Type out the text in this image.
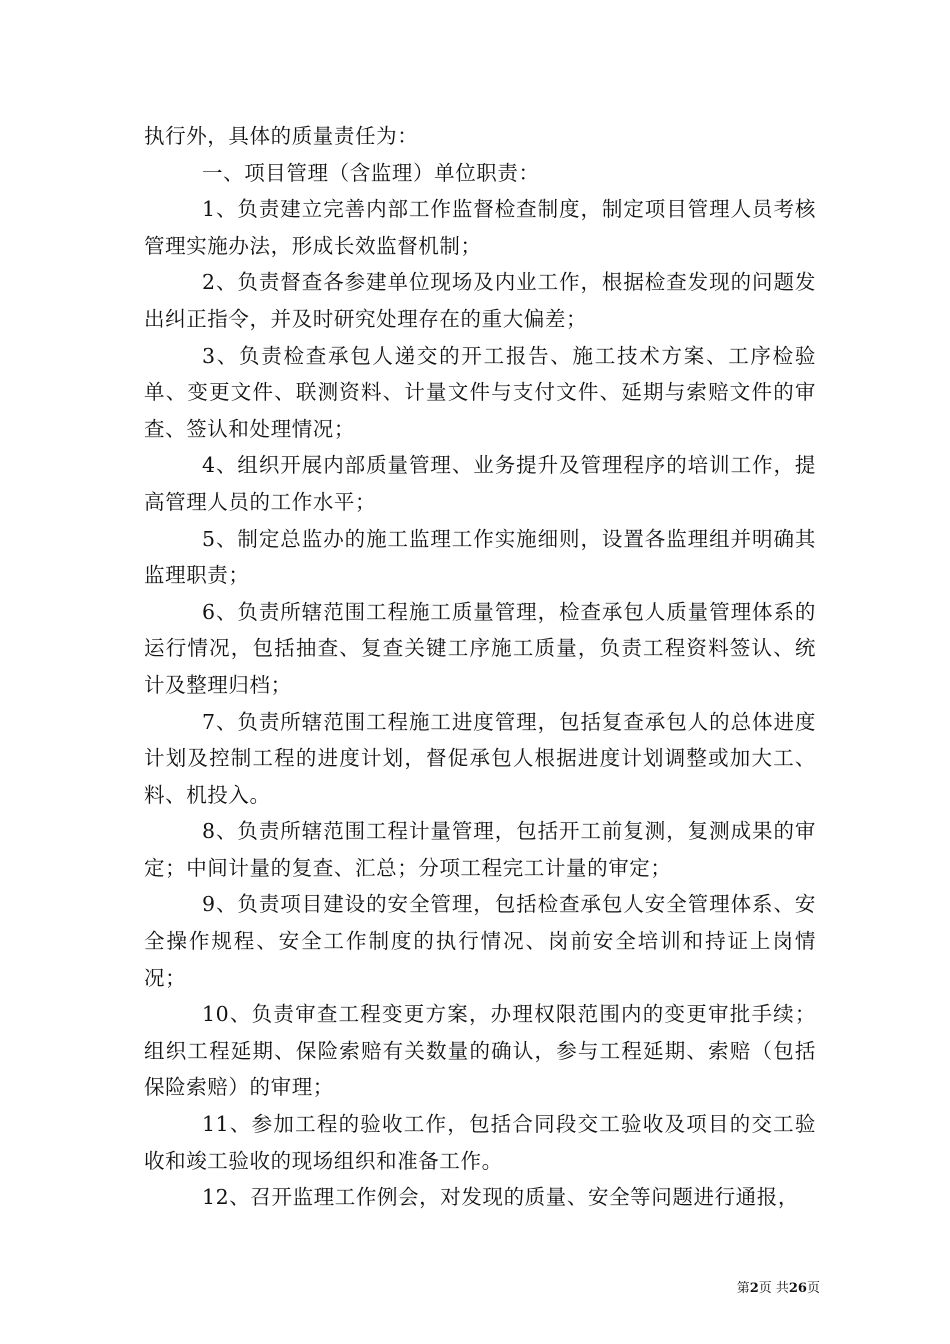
执行外，具体的质量责任为：

一、项目管理（含监理）单位职责：

1、负责建立完善内部工作监督检查制度，制定项目管理人员考核管理实施办法，形成长效监督机制；

2、负责督查各参建单位现场及内业工作，根据检查发现的问题发出纠正指令，并及时研究处理存在的重大偏差；

3、负责检查承包人递交的开工报告、施工技术方案、工序检验单、变更文件、联测资料、计量文件与支付文件、延期与索赔文件的审查、签认和处理情况；

4、组织开展内部质量管理、业务提升及管理程序的培训工作，提高管理人员的工作水平；

5、制定总监办的施工监理工作实施细则，设置各监理组并明确其监理职责；

6、负责所辖范围工程施工质量管理，检查承包人质量管理体系的运行情况，包括抽查、复查关键工序施工质量，负责工程资料签认、统计及整理归档；

7、负责所辖范围工程施工进度管理，包括复查承包人的总体进度计划及控制工程的进度计划，督促承包人根据进度计划调整或加大工、料、机投入。

8、负责所辖范围工程计量管理，包括开工前复测，复测成果的审定；中间计量的复查、汇总；分项工程完工计量的审定；

9、负责项目建设的安全管理，包括检查承包人安全管理体系、安全操作规程、安全工作制度的执行情况、岗前安全培训和持证上岗情况；

10、负责审查工程变更方案，办理权限范围内的变更审批手续；组织工程延期、保险索赔有关数量的确认，参与工程延期、索赔（包括保险索赔）的审理；

11、参加工程的验收工作，包括合同段交工验收及项目的交工验收和竣工验收的现场组织和准备工作。

12、召开监理工作例会，对发现的质量、安全等问题进行通报，

第2页 共26页
